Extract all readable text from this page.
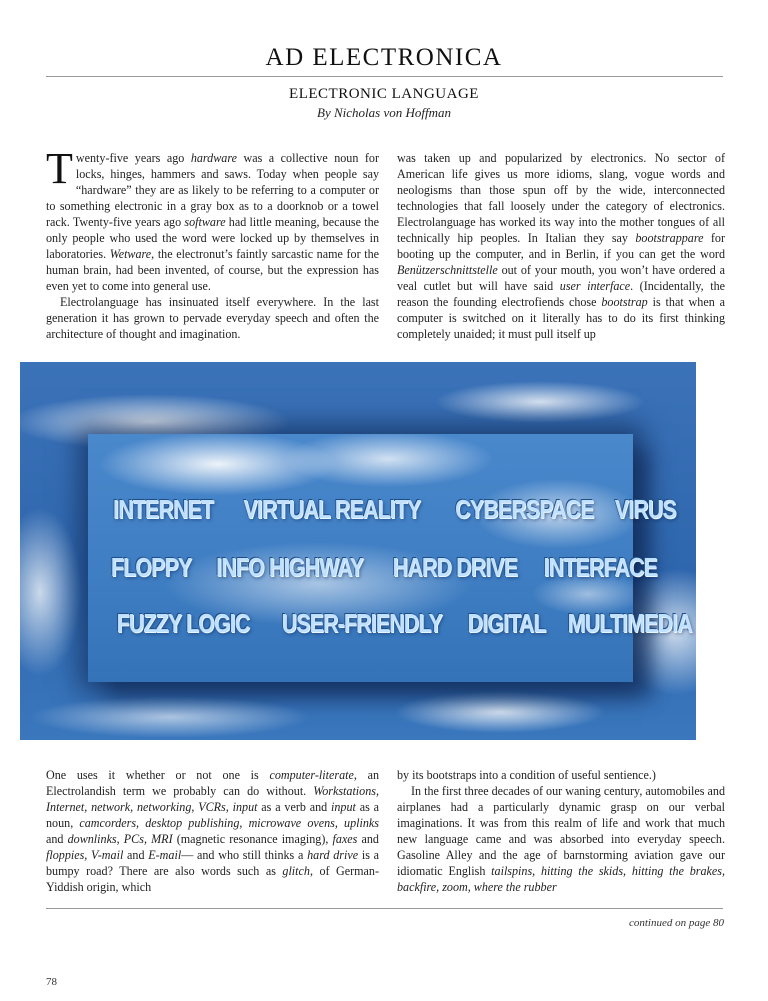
AD ELECTRONICA
ELECTRONIC LANGUAGE
By Nicholas von Hoffman

Twenty-five years ago hardware was a collective noun for locks, hinges, hammers and saws. Today when people say “hardware” they are as likely to be referring to a computer or to something electronic in a gray box as to a doorknob or a towel rack. Twenty-five years ago software had little meaning, because the only people who used the word were locked up by themselves in laboratories. Wetware, the electronut’s faintly sarcastic name for the human brain, had been invented, of course, but the expression has even yet to come into general use.

Electrolanguage has insinuated itself everywhere. In the last generation it has grown to pervade everyday speech and often the architecture of thought and imagination.

was taken up and popularized by electronics. No sector of American life gives us more idioms, slang, vogue words and neologisms than those spun off by the wide, interconnected technologies that fall loosely under the category of electronics. Electrolanguage has worked its way into the mother tongues of all technically hip peoples. In Italian they say bootstrappare for booting up the computer, and in Berlin, if you can get the word Benützerschnittstelle out of your mouth, you won’t have ordered a veal cutlet but will have said user interface. (Incidentally, the reason the founding electrofiends chose bootstrap is that when a computer is switched on it literally has to do its first thinking completely unaided; it must pull itself up

INTERNET VIRTUAL REALITY CYBERSPACE VIRUS
FLOPPY INFO HIGHWAY HARD DRIVE INTERFACE
FUZZY LOGIC USER-FRIENDLY DIGITAL MULTIMEDIA

One uses it whether or not one is computer-literate, an Electrolandish term we probably can do without. Workstations, Internet, network, networking, VCRs, input as a verb and input as a noun, camcorders, desktop publishing, microwave ovens, uplinks and downlinks, PCs, MRI (magnetic resonance imaging), faxes and floppies, V-mail and E-mail— and who still thinks a hard drive is a bumpy road? There are also words such as glitch, of German-Yiddish origin, which

by its bootstraps into a condition of useful sentience.)

In the first three decades of our waning century, automobiles and airplanes had a particularly dynamic grasp on our verbal imaginations. It was from this realm of life and work that much new language came and was absorbed into everyday speech. Gasoline Alley and the age of barnstorming aviation gave our idiomatic English tailspins, hitting the skids, hitting the brakes, backfire, zoom, where the rubber

continued on page 80
78
